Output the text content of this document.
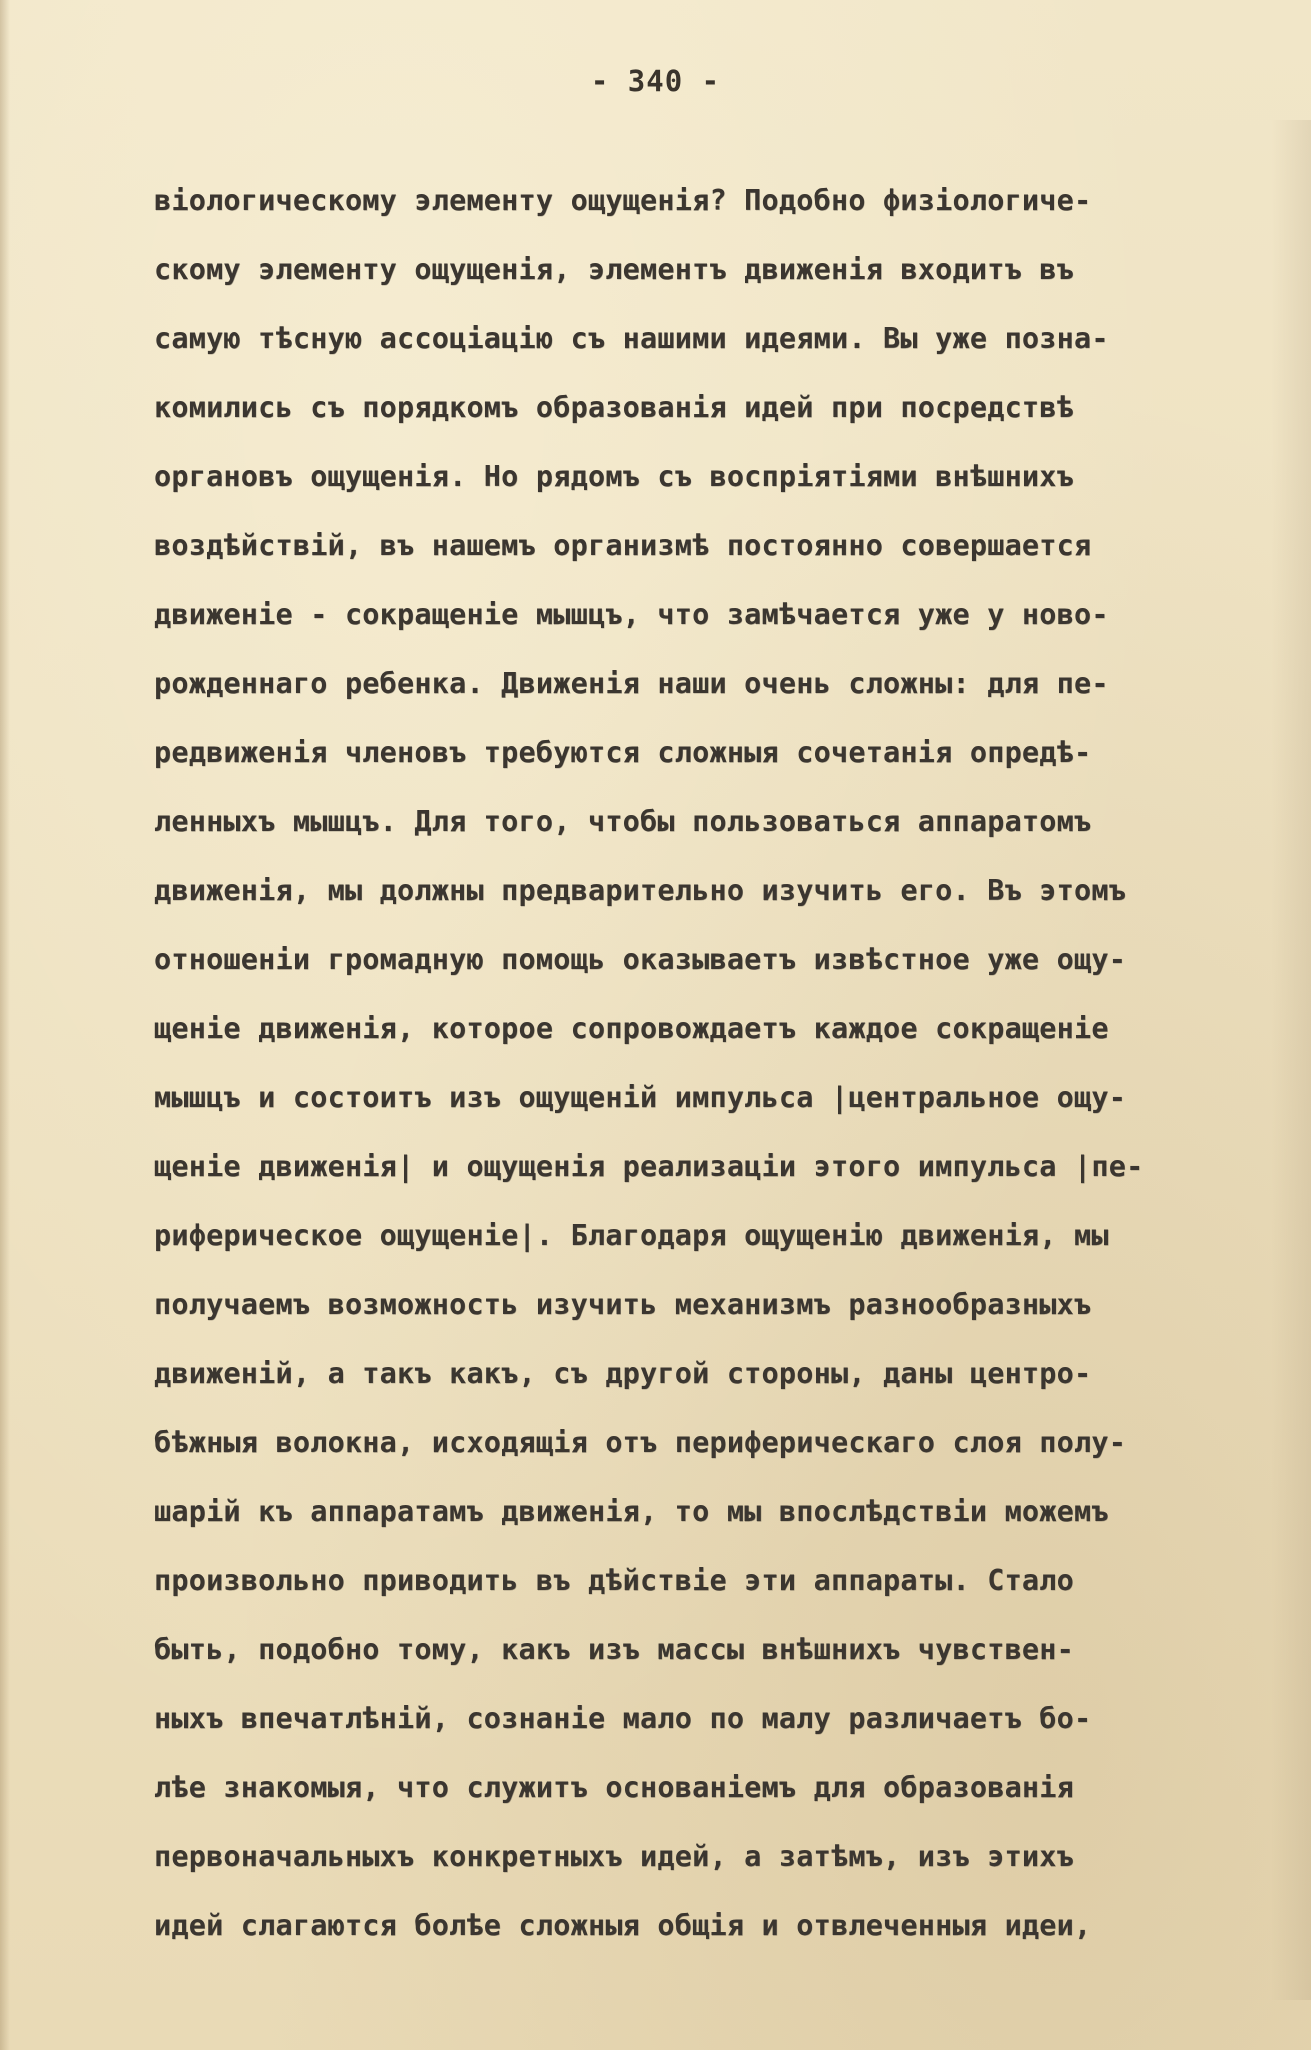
- 340 -
віологическому элементу ощущенія? Подобно физіологиче-
скому элементу ощущенія, элементъ движенія входитъ въ
самую тѣсную ассоціацію съ нашими идеями. Вы уже позна-
комились съ порядкомъ образованія идей при посредствѣ
органовъ ощущенія. Но рядомъ съ воспріятіями внѣшнихъ
воздѣйствій, въ нашемъ организмѣ постоянно совершается
движеніе - сокращеніе мышцъ, что замѣчается уже у ново-
рожденнаго ребенка. Движенія наши очень сложны: для пе-
редвиженія членовъ требуются сложныя сочетанія опредѣ-
ленныхъ мышцъ. Для того, чтобы пользоваться аппаратомъ
движенія, мы должны предварительно изучить его. Въ этомъ
отношеніи громадную помощь оказываетъ извѣстное уже ощу-
щеніе движенія, которое сопровождаетъ каждое сокращеніе
мышцъ и состоитъ изъ ощущеній импульса |центральное ощу-
щеніе движенія| и ощущенія реализаціи этого импульса |пе-
риферическое ощущеніе|. Благодаря ощущенію движенія, мы
получаемъ возможность изучить механизмъ разнообразныхъ
движеній, а такъ какъ, съ другой стороны, даны центро-
бѣжныя волокна, исходящія отъ периферическаго слоя полу-
шарій къ аппаратамъ движенія, то мы впослѣдствіи можемъ
произвольно приводить въ дѣйствіе эти аппараты. Стало
быть, подобно тому, какъ изъ массы внѣшнихъ чувствен-
ныхъ впечатлѣній, сознаніе мало по малу различаетъ бо-
лѣе знакомыя, что служитъ основаніемъ для образованія
первоначальныхъ конкретныхъ идей, а затѣмъ, изъ этихъ
идей слагаются болѣе сложныя общія и отвлеченныя идеи,
